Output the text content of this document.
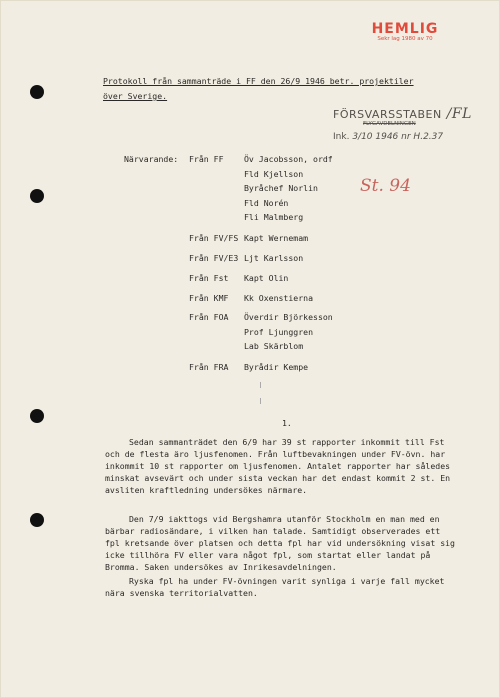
HEMLIG
Sekr lag 1980 av 70
Protokoll från sammanträde i FF den 26/9 1946 betr. projektiler
över Sverige.
FÖRSVARSSTABEN /FL
FLYGAVDELNINGEN
Ink. 3/10 1946 nr H.2.37
St. 94
Närvarande: Från FF Öv Jacobsson, ordf
Fld Kjellson
Byråchef Norlin
Fld Norén
Fli Malmberg
Från FV/FS Kapt Wernemam
Från FV/E3 Ljt Karlsson
Från Fst Kapt Olin
Från KMF Kk Oxenstierna
Från FOA Överdir Björkesson
Prof Ljunggren
Lab Skärblom
Från FRA Byrådir Kempe
1.

Sedan sammanträdet den 6/9 har 39 st rapporter inkommit till Fst

och de flesta äro ljusfenomen. Från luftbevakningen under FV-övn. har

inkommit 10 st rapporter om ljusfenomen. Antalet rapporter har således

minskat avsevärt och under sista veckan har det endast kommit 2 st. En

avsliten kraftledning undersökes närmare.

Den 7/9 iakttogs vid Bergshamra utanför Stockholm en man med en

bärbar radiosändare, i vilken han talade. Samtidigt observerades ett

fpl kretsande över platsen och detta fpl har vid undersökning visat sig

icke tillhöra FV eller vara något fpl, som startat eller landat på

Bromma. Saken undersökes av Inrikesavdelningen.

Ryska fpl ha under FV-övningen varit synliga i varje fall mycket

nära svenska territorialvatten.
